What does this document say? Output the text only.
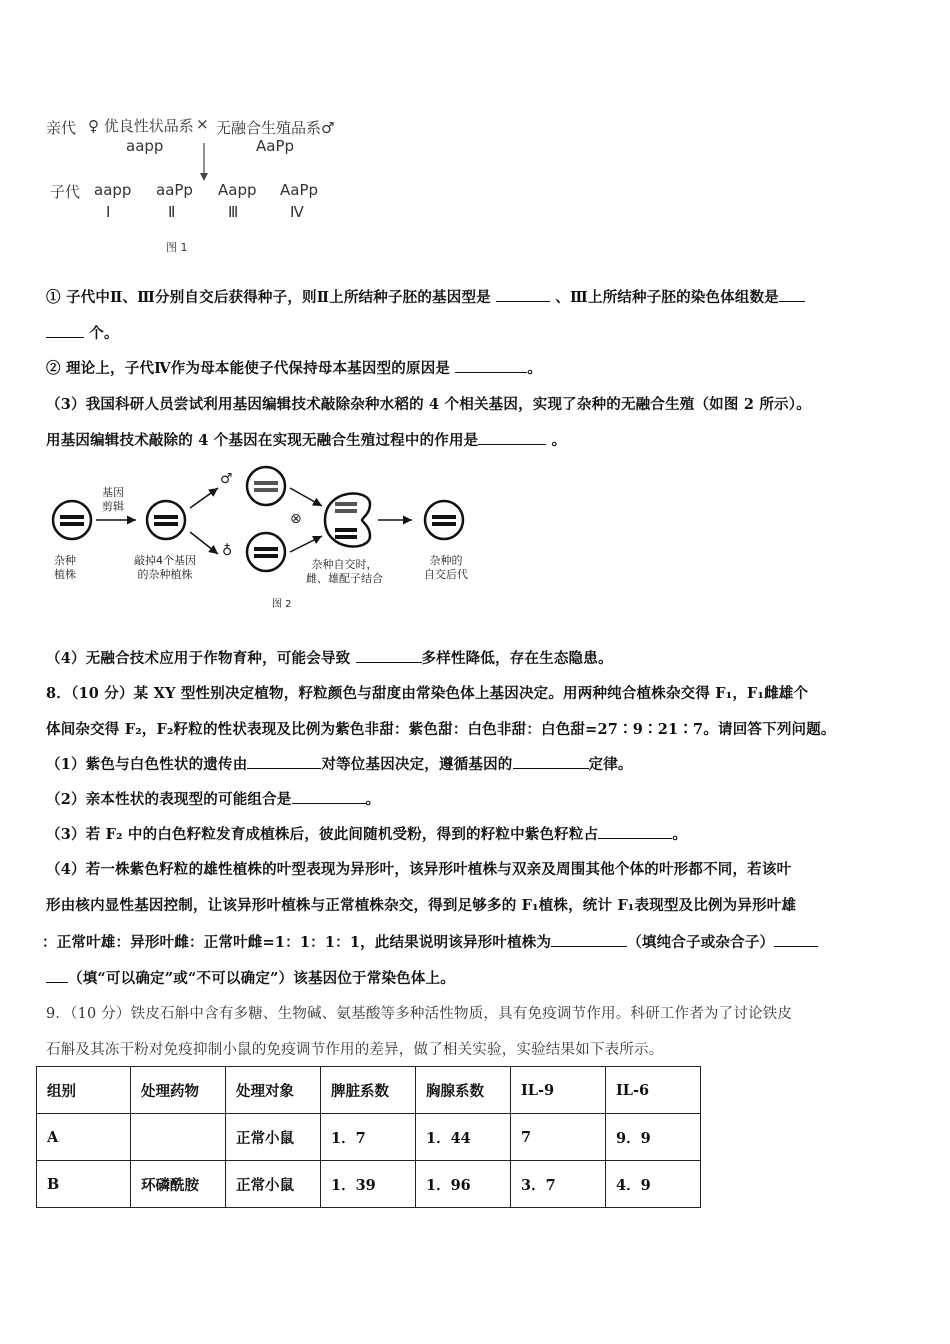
亲代 ♀ 优良性状品系 × 无融合生殖品系♂
aapp	AaPp
子代 aapp aaPp Aapp AaPp
Ⅰ	Ⅱ	Ⅲ	Ⅳ
图 1
① 子代中Ⅱ、Ⅲ分别自交后获得种子，则Ⅱ上所结种子胚的基因型是	、Ⅲ上所结种子胚的染色体组数是
个。
② 理论上，子代Ⅳ作为母本能使子代保持母本基因型的原因是	。
（3）我国科研人员尝试利用基因编辑技术敲除杂种水稻的 4 个相关基因，实现了杂种的无融合生殖（如图 2 所示）。
用基因编辑技术敲除的 4 个基因在实现无融合生殖过程中的作用是	。
基因
剪辑
♂
♁
⊗
杂种
植株
敲掉4个基因
的杂种植株
杂种自交时，
雌、雄配子结合
杂种的
自交后代
图 2
（4）无融合技术应用于作物育种，可能会导致	多样性降低，存在生态隐患。
8．（10 分）某 XY 型性别决定植物，籽粒颜色与甜度由常染色体上基因决定。用两种纯合植株杂交得 F₁，F₁雌雄个
体间杂交得 F₂，F₂籽粒的性状表现及比例为紫色非甜：紫色甜：白色非甜：白色甜=27∶9∶21∶7。请回答下列问题。
（1）紫色与白色性状的遗传由	对等位基因决定，遵循基因的	定律。
（2）亲本性状的表现型的可能组合是	。
（3）若 F₂ 中的白色籽粒发育成植株后，彼此间随机受粉，得到的籽粒中紫色籽粒占	。
（4）若一株紫色籽粒的雄性植株的叶型表现为异形叶，该异形叶植株与双亲及周围其他个体的叶形都不同，若该叶
形由核内显性基因控制，让该异形叶植株与正常植株杂交，得到足够多的 F₁植株，统计 F₁表现型及比例为异形叶雄
：正常叶雄：异形叶雌：正常叶雌=1：1：1：1，此结果说明该异形叶植株为	（填纯合子或杂合子）
（填“可以确定”或“不可以确定”）该基因位于常染色体上。
9．（10 分）铁皮石斛中含有多糖、生物碱、氨基酸等多种活性物质，具有免疫调节作用。科研工作者为了讨论铁皮
石斛及其冻干粉对免疫抑制小鼠的免疫调节作用的差异，做了相关实验，实验结果如下表所示。
组别	处理药物	处理对象	脾脏系数	胸腺系数	IL-9	IL-6
A		正常小鼠	1．7	1．44	7	9．9
B	环磷酰胺	正常小鼠	1．39	1．96	3．7	4．9
